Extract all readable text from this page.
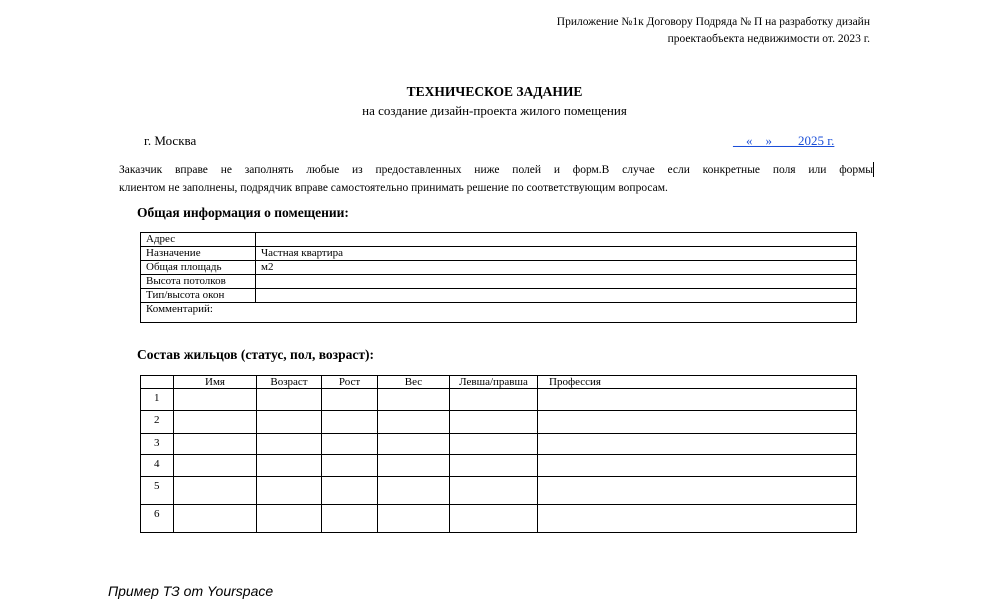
Приложение №1к Договору Подряда № П на разработку дизайн
проектаобъекта недвижимости от. 2023 г.
ТЕХНИЧЕСКОЕ ЗАДАНИЕ
на создание дизайн-проекта жилого помещения
г. Москва	__«__»____2025 г.
Заказчик вправе не заполнять любые из предоставленных ниже полей и форм.В случае если конкретные поля или формы
клиентом не заполнены, подрядчик вправе самостоятельно принимать решение по соответствующим вопросам.
Общая информация о помещении:
Адрес	
Назначение	Частная квартира
Общая площадь	м2
Высота потолков	
Тип/высота окон	
Комментарий:	
Состав жильцов (статус, пол, возраст):
	Имя	Возраст	Рост	Вес	Левша/правша	Профессия
1						
2						
3						
4						
5						
6						
Пример ТЗ от Yourspace
